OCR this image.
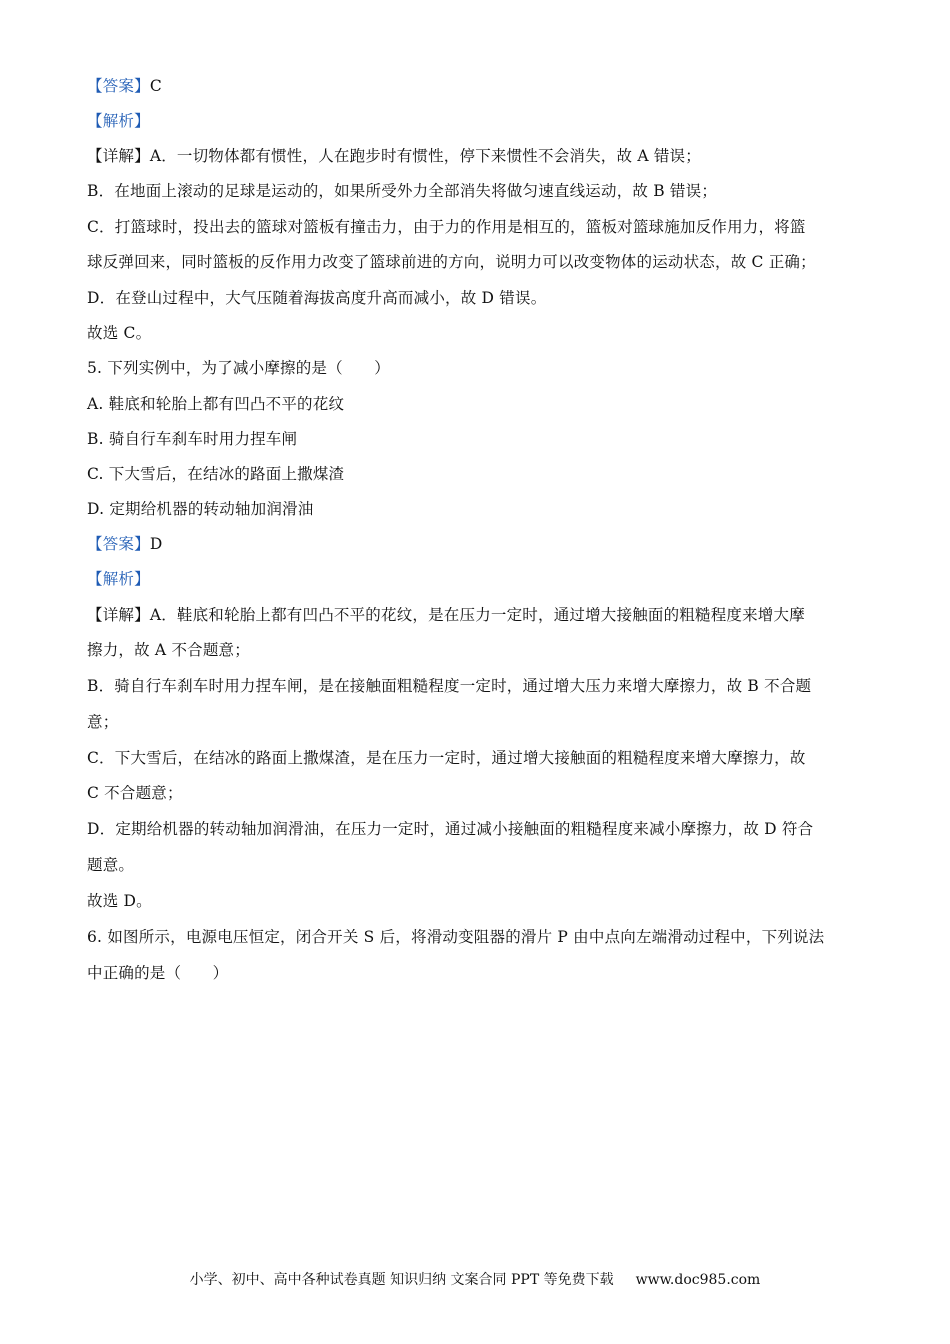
【答案】C
【解析】
【详解】A．一切物体都有惯性，人在跑步时有惯性，停下来惯性不会消失，故 A 错误；
B．在地面上滚动的足球是运动的，如果所受外力全部消失将做匀速直线运动，故 B 错误；
C．打篮球时，投出去的篮球对篮板有撞击力，由于力的作用是相互的，篮板对篮球施加反作用力，将篮
球反弹回来，同时篮板的反作用力改变了篮球前进的方向，说明力可以改变物体的运动状态，故 C 正确；
D．在登山过程中，大气压随着海拔高度升高而减小，故 D 错误。
故选 C。
5. 下列实例中，为了减小摩擦的是（　　）
A. 鞋底和轮胎上都有凹凸不平的花纹
B. 骑自行车刹车时用力捏车闸
C. 下大雪后，在结冰的路面上撒煤渣
D. 定期给机器的转动轴加润滑油
【答案】D
【解析】
【详解】A．鞋底和轮胎上都有凹凸不平的花纹，是在压力一定时，通过增大接触面的粗糙程度来增大摩
擦力，故 A 不合题意；
B．骑自行车刹车时用力捏车闸，是在接触面粗糙程度一定时，通过增大压力来增大摩擦力，故 B 不合题
意；
C．下大雪后，在结冰的路面上撒煤渣，是在压力一定时，通过增大接触面的粗糙程度来增大摩擦力，故
C 不合题意；
D．定期给机器的转动轴加润滑油，在压力一定时，通过减小接触面的粗糙程度来减小摩擦力，故 D 符合
题意。
故选 D。
6. 如图所示，电源电压恒定，闭合开关 S 后，将滑动变阻器的滑片 P 由中点向左端滑动过程中，下列说法
中正确的是（　　）
小学、初中、高中各种试卷真题 知识归纳 文案合同 PPT 等免费下载 www.doc985.com
